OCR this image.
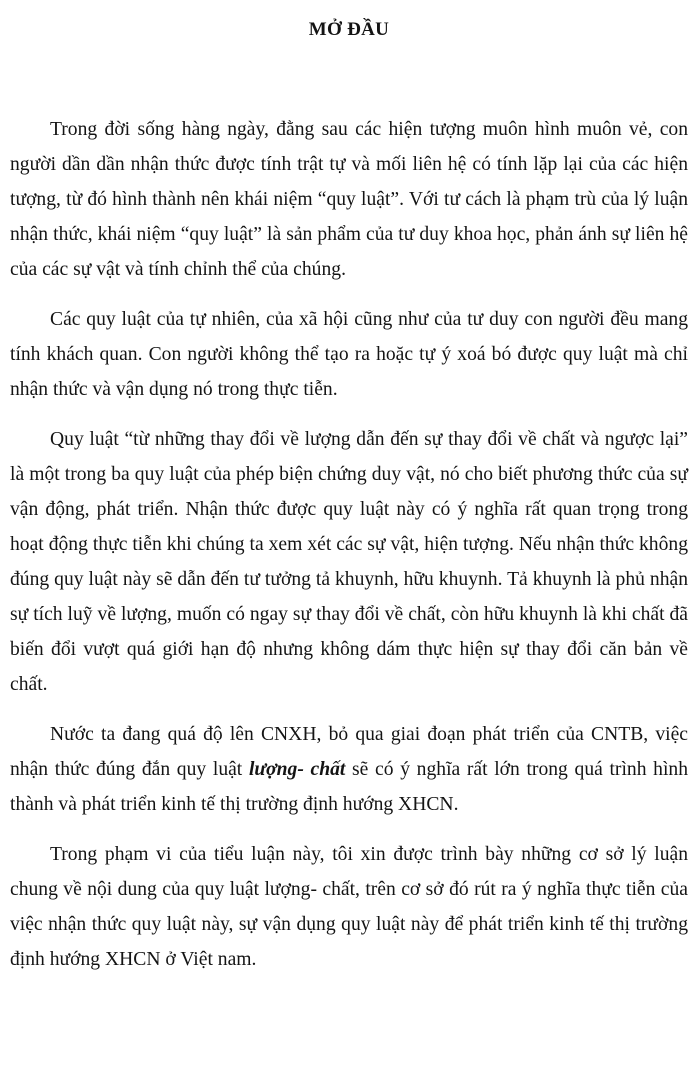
MỞ ĐẦU

Trong đời sống hàng ngày, đằng sau các hiện tượng muôn hình muôn vẻ, con người dần dần nhận thức được tính trật tự và mối liên hệ có tính lặp lại của các hiện tượng, từ đó hình thành nên khái niệm “quy luật”. Với tư cách là phạm trù của lý luận nhận thức, khái niệm “quy luật” là sản phẩm của tư duy khoa học, phản ánh sự liên hệ của các sự vật và tính chỉnh thể của chúng.

Các quy luật của tự nhiên, của xã hội cũng như của tư duy con người đều mang tính khách quan. Con người không thể tạo ra hoặc tự ý xoá bó được quy luật mà chỉ nhận thức và vận dụng nó trong thực tiễn.

Quy luật “từ những thay đổi về lượng dẫn đến sự thay đổi về chất và ngược lại” là một trong ba quy luật của phép biện chứng duy vật, nó cho biết phương thức của sự vận động, phát triển. Nhận thức được quy luật này có ý nghĩa rất quan trọng trong hoạt động thực tiễn khi chúng ta xem xét các sự vật, hiện tượng. Nếu nhận thức không đúng quy luật này sẽ dẫn đến tư tưởng tả khuynh, hữu khuynh. Tả khuynh là phủ nhận sự tích luỹ về lượng, muốn có ngay sự thay đổi về chất, còn hữu khuynh là khi chất đã biến đổi vượt quá giới hạn độ nhưng không dám thực hiện sự thay đổi căn bản về chất.

Nước ta đang quá độ lên CNXH, bỏ qua giai đoạn phát triển của CNTB, việc nhận thức đúng đắn quy luật lượng- chất sẽ có ý nghĩa rất lớn trong quá trình hình thành và phát triển kinh tế thị trường định hướng XHCN.

Trong phạm vi của tiểu luận này, tôi xin được trình bày những cơ sở lý luận chung về nội dung của quy luật lượng- chất, trên cơ sở đó rút ra ý nghĩa thực tiễn của việc nhận thức quy luật này, sự vận dụng quy luật này để phát triển kinh tế thị trường định hướng XHCN ở Việt nam.
